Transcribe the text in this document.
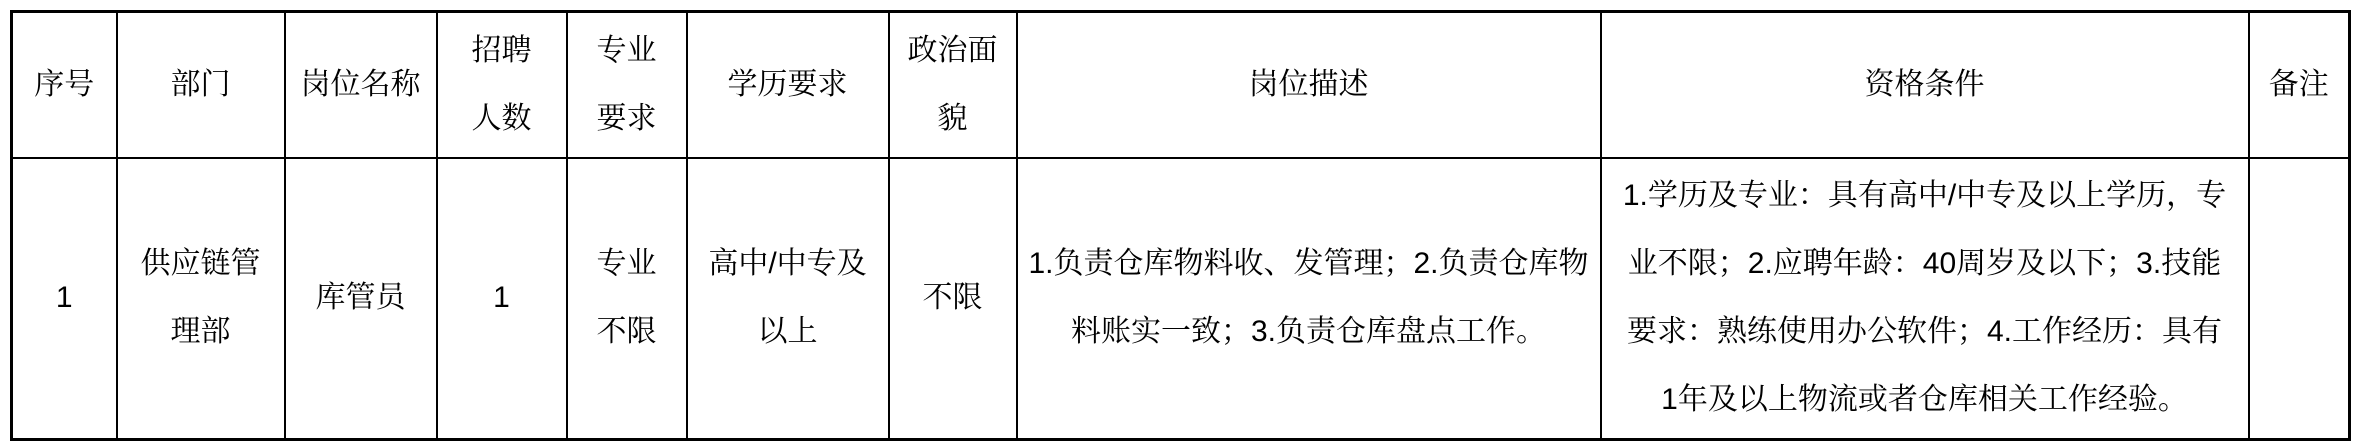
序号	部门	岗位名称	招聘人数	专业要求	学历要求	政治面貌	岗位描述	资格条件	备注
1	供应链管理部	库管员	1	专业不限	高中/中专及以上	不限	1.负责仓库物料收、发管理；2.负责仓库物料账实一致；3.负责仓库盘点工作。	1.学历及专业：具有高中/中专及以上学历，专业不限；2.应聘年龄：40周岁及以下；3.技能要求：熟练使用办公软件；4.工作经历：具有1年及以上物流或者仓库相关工作经验。	
